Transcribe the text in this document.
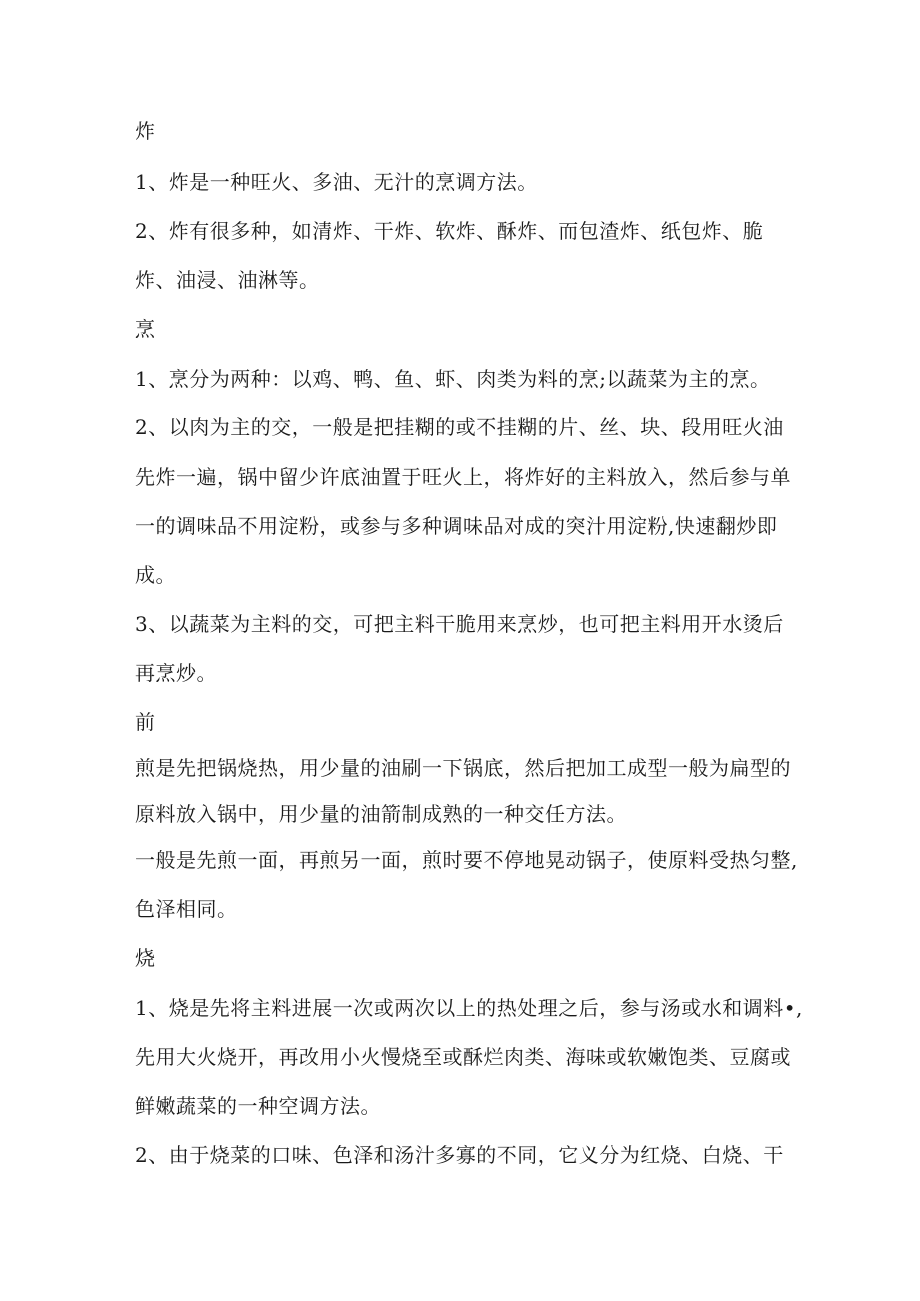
炸
1、炸是一种旺火、多油、无汁的烹调方法。
2、炸有很多种，如清炸、干炸、软炸、酥炸、而包渣炸、纸包炸、脆
炸、油浸、油淋等。
烹
1、烹分为两种：以鸡、鸭、鱼、虾、肉类为料的烹;以蔬菜为主的烹。
2、以肉为主的交，一般是把挂糊的或不挂糊的片、丝、块、段用旺火油
先炸一遍，锅中留少许底油置于旺火上，将炸好的主料放入，然后参与单
一的调味品不用淀粉，或参与多种调味品对成的突汁用淀粉,快速翻炒即
成。
3、以蔬菜为主料的交，可把主料干脆用来烹炒，也可把主料用开水烫后
再烹炒。
前
煎是先把锅烧热，用少量的油刷一下锅底，然后把加工成型一般为扁型的
原料放入锅中，用少量的油箭制成熟的一种交任方法。
一般是先煎一面，再煎另一面，煎时要不停地晃动锅子，使原料受热匀整,
色泽相同。
烧
1、烧是先将主料进展一次或两次以上的热处理之后，参与汤或水和调料•,
先用大火烧开，再改用小火慢烧至或酥烂肉类、海味或软嫩饱类、豆腐或
鲜嫩蔬菜的一种空调方法。
2、由于烧菜的口味、色泽和汤汁多寡的不同，它义分为红烧、白烧、干
